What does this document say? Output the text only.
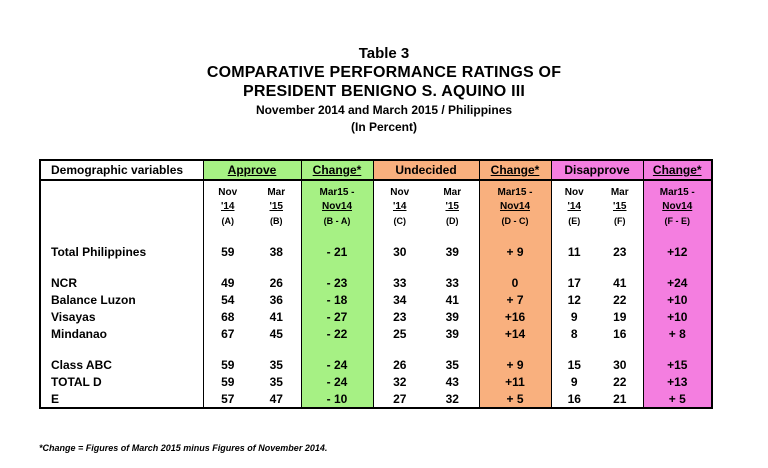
Table 3
COMPARATIVE PERFORMANCE RATINGS OF
PRESIDENT BENIGNO S. AQUINO III
November 2014 and March 2015 / Philippines
(In Percent)
Demographic variables	Approve		Change*	Undecided		Change*	Disapprove		Change*
	Nov	Mar	Mar15 -	Nov	Mar	Mar15 -	Nov	Mar	Mar15 -
	'14	'15	Nov14	'14	'15	Nov14	'14	'15	Nov14
	(A)	(B)	(B - A)	(C)	(D)	(D - C)	(E)	(F)	(F - E)

Total Philippines	59	38	- 21	30	39	+ 9	11	23	+12

NCR	49	26	- 23	33	33	0	17	41	+24
Balance Luzon	54	36	- 18	34	41	+ 7	12	22	+10
Visayas	68	41	- 27	23	39	+16	9	19	+10
Mindanao	67	45	- 22	25	39	+14	8	16	+ 8

Class ABC	59	35	- 24	26	35	+ 9	15	30	+15
TOTAL D	59	35	- 24	32	43	+11	9	22	+13
E	57	47	- 10	27	32	+ 5	16	21	+ 5
*Change = Figures of March 2015 minus Figures of November 2014.
